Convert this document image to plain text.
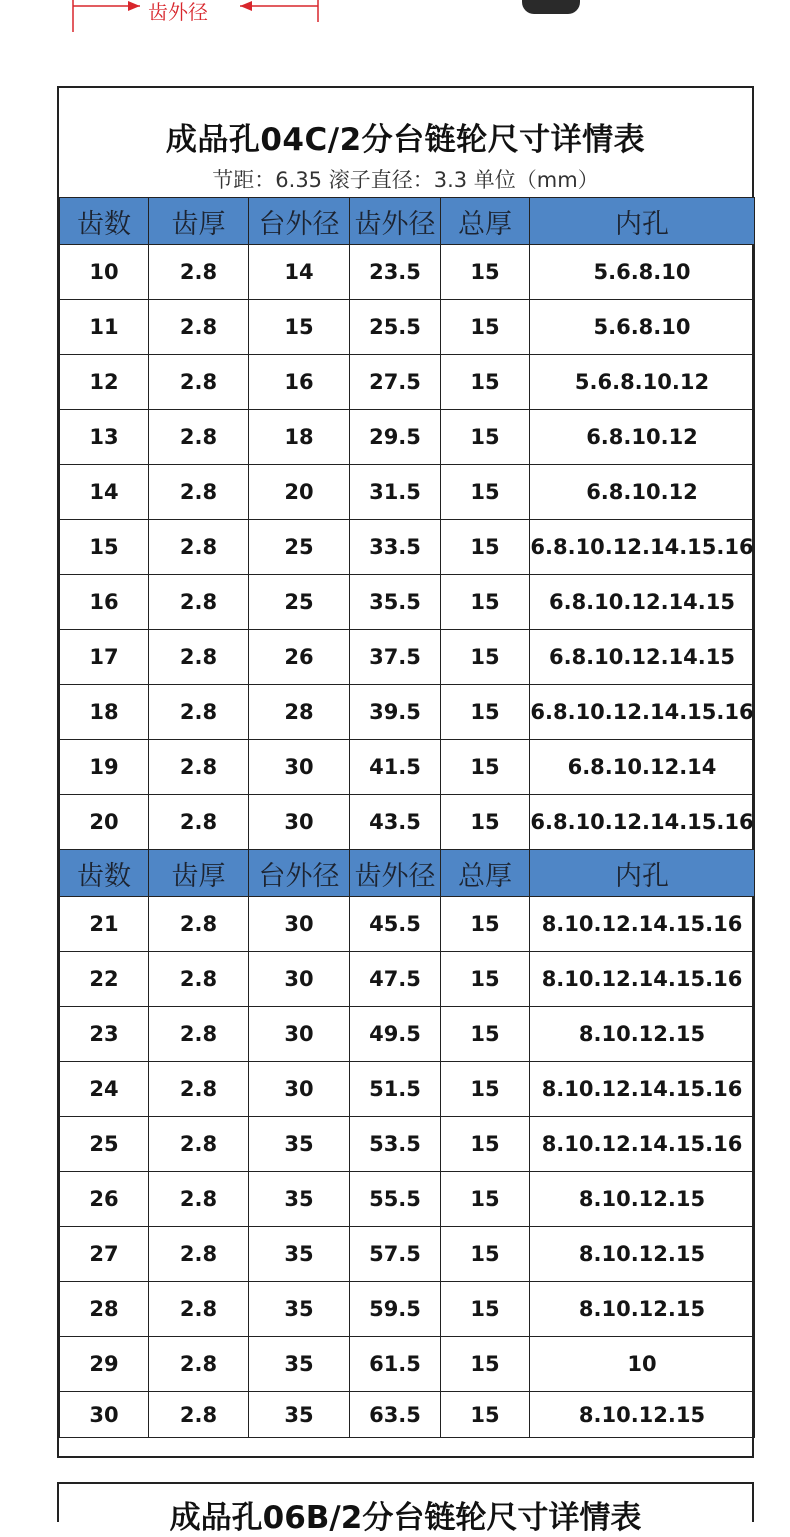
齿外径
成品孔04C/2分台链轮尺寸详情表
节距：6.35 滚子直径：3.3 单位（mm）
齿数	齿厚	台外径	齿外径	总厚	内孔
10	2.8	14	23.5	15	5.6.8.10
11	2.8	15	25.5	15	5.6.8.10
12	2.8	16	27.5	15	5.6.8.10.12
13	2.8	18	29.5	15	6.8.10.12
14	2.8	20	31.5	15	6.8.10.12
15	2.8	25	33.5	15	6.8.10.12.14.15.16
16	2.8	25	35.5	15	6.8.10.12.14.15
17	2.8	26	37.5	15	6.8.10.12.14.15
18	2.8	28	39.5	15	6.8.10.12.14.15.16
19	2.8	30	41.5	15	6.8.10.12.14
20	2.8	30	43.5	15	6.8.10.12.14.15.16
齿数	齿厚	台外径	齿外径	总厚	内孔
21	2.8	30	45.5	15	8.10.12.14.15.16
22	2.8	30	47.5	15	8.10.12.14.15.16
23	2.8	30	49.5	15	8.10.12.15
24	2.8	30	51.5	15	8.10.12.14.15.16
25	2.8	35	53.5	15	8.10.12.14.15.16
26	2.8	35	55.5	15	8.10.12.15
27	2.8	35	57.5	15	8.10.12.15
28	2.8	35	59.5	15	8.10.12.15
29	2.8	35	61.5	15	10
30	2.8	35	63.5	15	8.10.12.15
成品孔06B/2分台链轮尺寸详情表
